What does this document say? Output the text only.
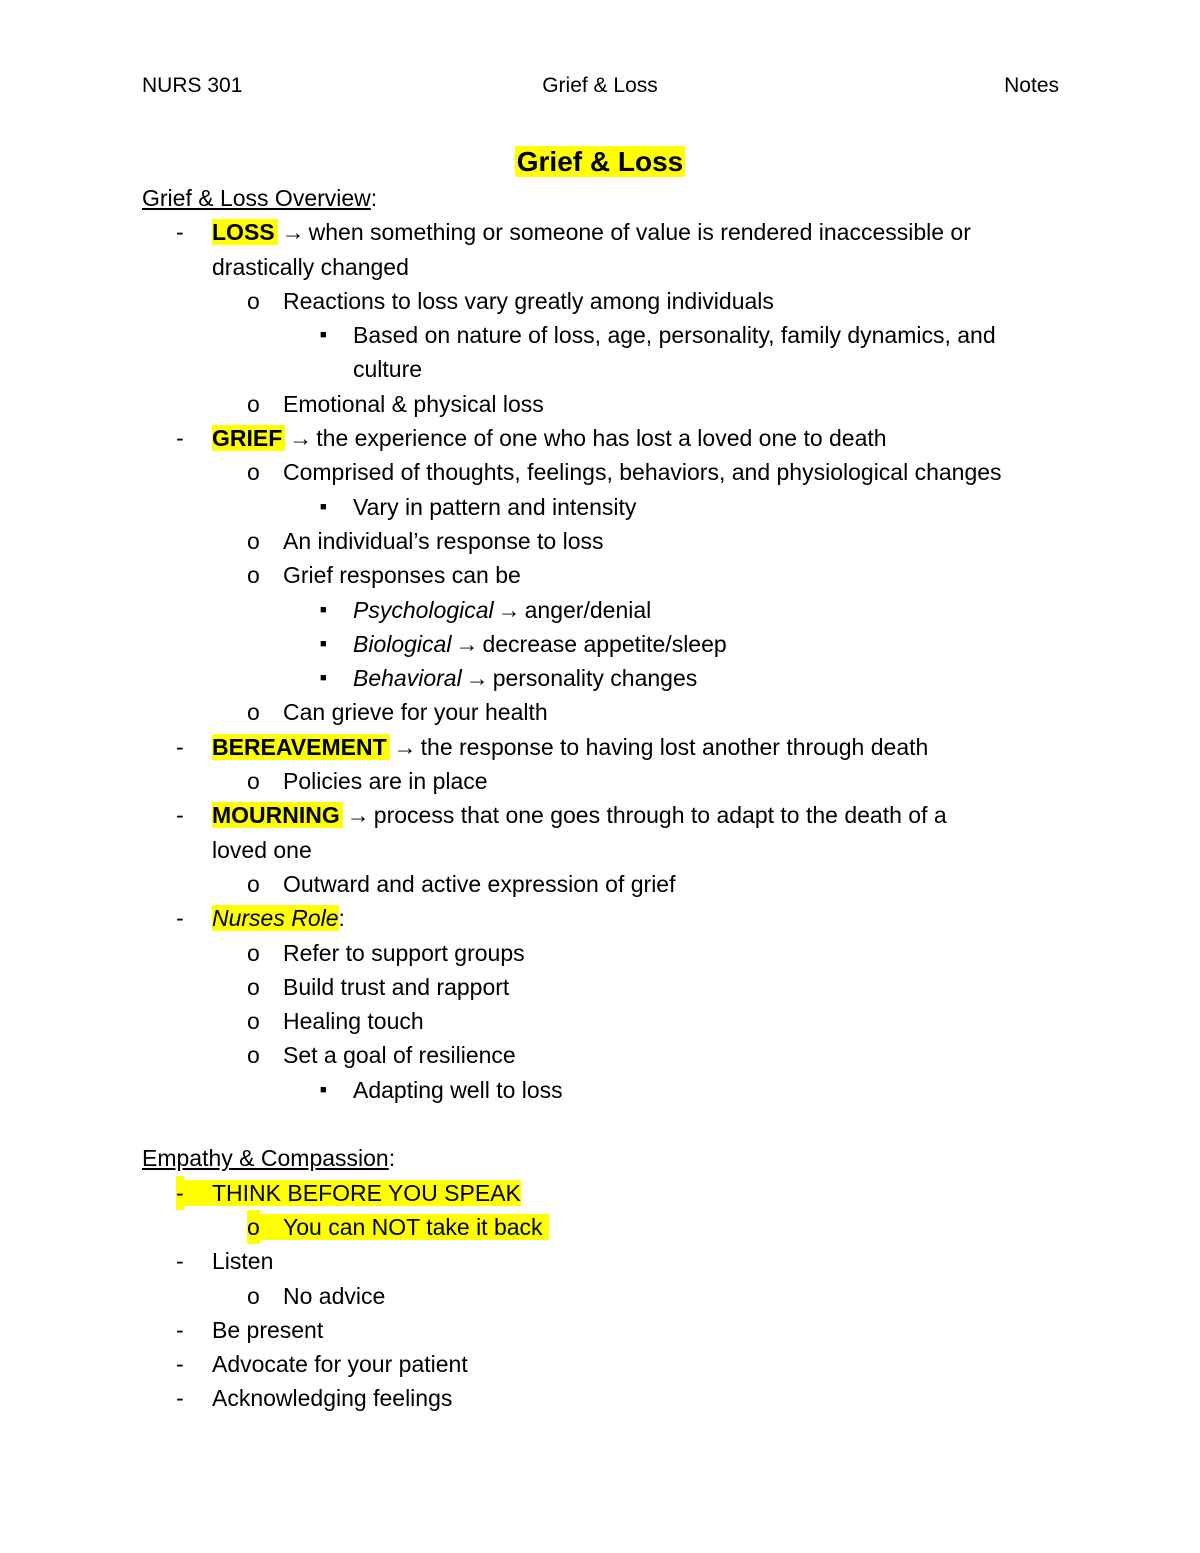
NURS 301	Grief & Loss	Notes
Grief & Loss
Grief & Loss Overview:
- LOSS → when something or someone of value is rendered inaccessible or
drastically changed
o Reactions to loss vary greatly among individuals
■ Based on nature of loss, age, personality, family dynamics, and
culture
o Emotional & physical loss
- GRIEF → the experience of one who has lost a loved one to death
o Comprised of thoughts, feelings, behaviors, and physiological changes
■ Vary in pattern and intensity
o An individual’s response to loss
o Grief responses can be
■ Psychological → anger/denial
■ Biological → decrease appetite/sleep
■ Behavioral → personality changes
o Can grieve for your health
- BEREAVEMENT → the response to having lost another through death
o Policies are in place
- MOURNING → process that one goes through to adapt to the death of a
loved one
o Outward and active expression of grief
- Nurses Role:
o Refer to support groups
o Build trust and rapport
o Healing touch
o Set a goal of resilience
■ Adapting well to loss
Empathy & Compassion:
- THINK BEFORE YOU SPEAK
o You can NOT take it back
- Listen
o No advice
- Be present
- Advocate for your patient
- Acknowledging feelings
